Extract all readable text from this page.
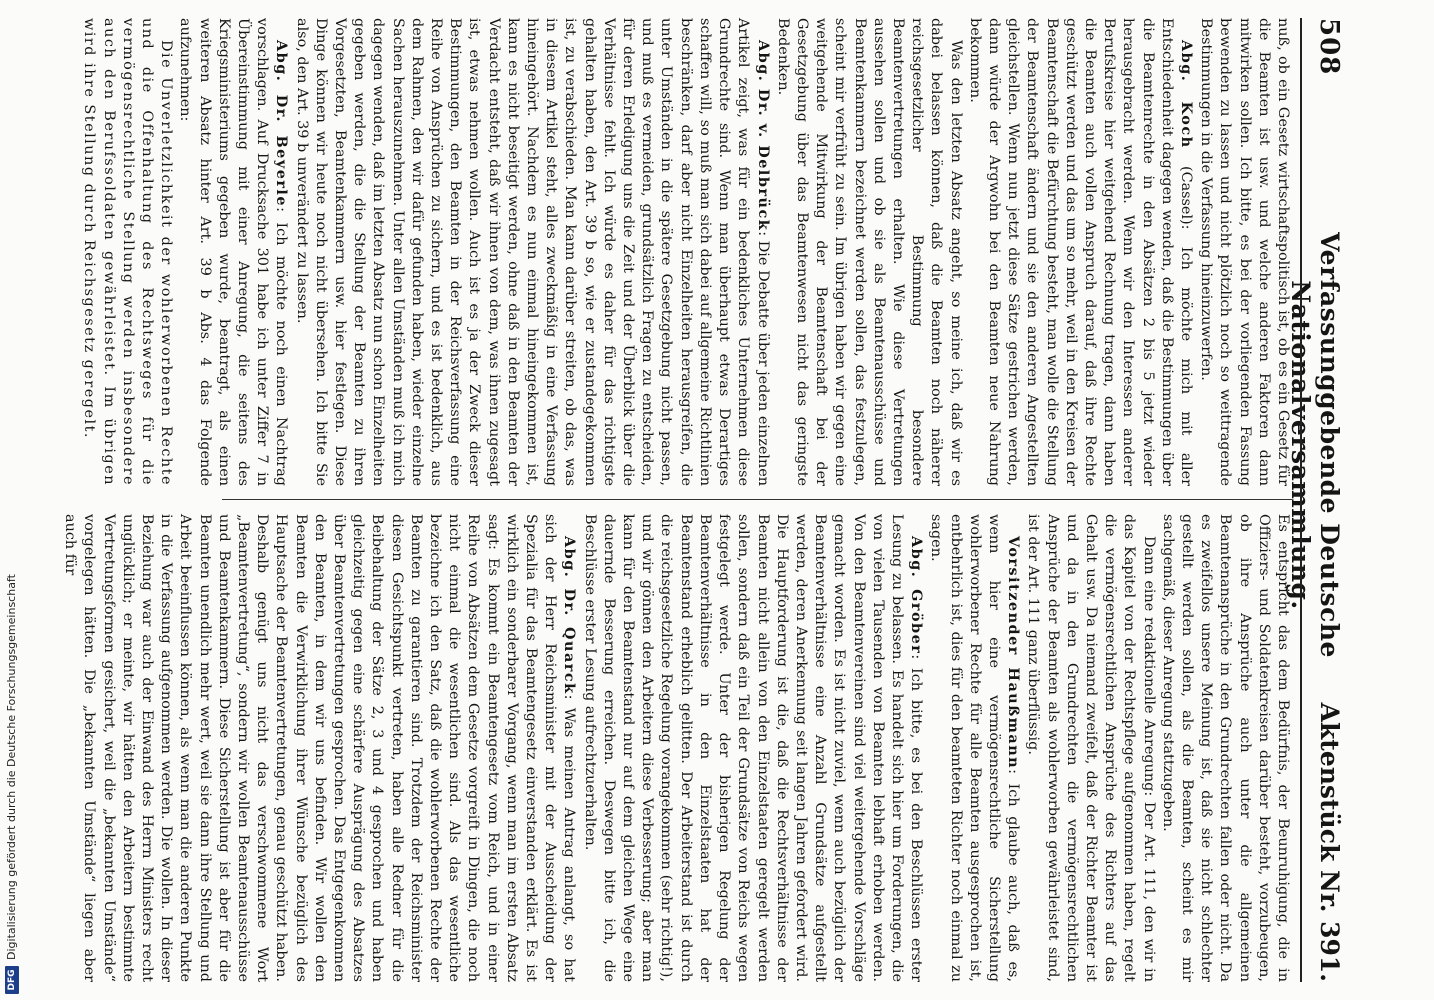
508
Verfassunggebende Deutsche Nationalversammlung.
Aktenstück Nr. 391.

nuß, ob ein Gesetz wirtschaftspolitisch ist, ob es ein Gesetz für die Beamten ist usw. und welche anderen Faktoren dann mitwirken sollen. Ich bitte, es bei der vorliegenden Fassung bewenden zu lassen und nicht plötzlich noch so weittragende Bestimmungen in die Verfassung hineinzuwerfen.

Abg. Koch (Cassel): Ich möchte mich mit aller Entschiedenheit dagegen wenden, daß die Bestimmungen über die Beamtenrechte in den Absätzen 2 bis 5 jetzt wieder herausgebracht werden. Wenn wir den Interessen anderer Berufskreise hier weitgehend Rechnung tragen, dann haben die Beamten auch vollen Anspruch darauf, daß ihre Rechte geschützt werden und das um so mehr, weil in den Kreisen der Beamtenschaft die Befürchtung besteht, man wolle die Stellung der Beamtenschaft ändern und sie den anderen Angestellten gleichstellen. Wenn nun jetzt diese Sätze gestrichen werden, dann würde der Argwohn bei den Beamten neue Nahrung bekommen.

Was den letzten Absatz angeht, so meine ich, daß wir es dabei belassen können, daß die Beamten noch näherer reichsgesetzlicher Bestimmung besondere Beamtenvertretungen erhalten. Wie diese Vertretungen aussehen sollen und ob sie als Beamtenausschüsse und Beamtenkammern bezeichnet werden sollen, das festzulegen, scheint mir verfrüht zu sein. Im übrigen haben wir gegen eine weitgehende Mitwirkung der Beamtenschaft bei der Gesetzgebung über das Beamtenwesen nicht das geringste Bedenken.

Abg. Dr. v. Delbrück: Die Debatte über jeden einzelnen Artikel zeigt, was für ein bedenkliches Unternehmen diese Grundrechte sind. Wenn man überhaupt etwas Derartiges schaffen will, so muß man sich dabei auf allgemeine Richtlinien beschränken, darf aber nicht Einzelheiten herausgreifen, die unter Umständen in die spätere Gesetzgebung nicht passen, und muß es vermeiden, grundsätzlich Fragen zu entscheiden, für deren Erledigung uns die Zeit und der Überblick über die Verhältnisse fehlt. Ich würde es daher für das richtigste gehalten haben, den Art. 39 b so, wie er zustandegekommen ist, zu verabschieden. Man kann darüber streiten, ob das, was in diesem Artikel steht, alles zweckmäßig in eine Verfassung hineingehört. Nachdem es nun einmal hineingekommen ist, kann es nicht beseitigt werden, ohne daß in den Beamten der Verdacht entsteht, daß wir ihnen von dem, was ihnen zugesagt ist, etwas nehmen wollen. Auch ist es ja der Zweck dieser Bestimmungen, den Beamten in der Reichsverfassung eine Reihe von Ansprüchen zu sichern, und es ist bedenklich, aus dem Rahmen, den wir dafür gefunden haben, wieder einzelne Sachen herauszunehmen. Unter allen Umständen muß ich mich dagegen wenden, daß im letzten Absatz nun schon Einzelheiten gegeben werden, die die Stellung der Beamten zu ihren Vorgesetzten, Beamtenkammern usw. hier festlegen. Diese Dinge können wir heute noch nicht übersehen. Ich bitte Sie also, den Art. 39 b unverändert zu lassen.

Abg. Dr. Beyerle: Ich möchte noch einen Nachtrag vorschlagen. Auf Drucksache 301 habe ich unter Ziffer 7 in Übereinstimmung mit einer Anregung, die seitens des Kriegsministeriums gegeben wurde, beantragt, als einen weiteren Absatz hinter Art. 39 b Abs. 4 das Folgende aufzunehmen:

Die Unverletzlichkeit der wohlerworbenen Rechte und die Offenhaltung des Rechtsweges für die vermögensrechtliche Stellung werden insbesondere auch den Berufssoldaten gewährleistet. Im übrigen wird ihre Stellung durch Reichsgesetz geregelt.

Es entspricht das dem Bedürfnis, der Beunruhigung, die in Offiziers- und Soldatenkreisen darüber besteht, vorzubeugen, ob ihre Ansprüche auch unter die allgemeinen Beamtenansprüche in den Grundrechten fallen oder nicht. Da es zweifellos unsere Meinung ist, daß sie nicht schlechter gestellt werden sollen, als die Beamten, scheint es mir sachgemäß, dieser Anregung stattzugeben.

Dann eine redaktionelle Anregung: Der Art. 111, den wir in das Kapitel von der Rechtspflege aufgenommen haben, regelt die vermögensrechtlichen Ansprüche des Richters auf das Gehalt usw. Da niemand zweifelt, daß der Richter Beamter ist und da in den Grundrechten die vermögensrechtlichen Ansprüche der Beamten als wohlerworben gewährleistet sind, ist der Art. 111 ganz überflüssig.

Vorsitzender Haußmann: Ich glaube auch, daß es, wenn hier eine vermögensrechtliche Sicherstellung wohlerworbener Rechte für alle Beamten ausgesprochen ist, entbehrlich ist, dies für den beamteten Richter noch einmal zu sagen.

Abg. Gröber: Ich bitte, es bei den Beschlüssen erster Lesung zu belassen. Es handelt sich hier um Forderungen, die von vielen Tausenden von Beamten lebhaft erhoben werden. Von den Beamtenvereinen sind viel weitergehende Vorschläge gemacht worden. Es ist nicht zuviel, wenn auch bezüglich der Beamtenverhältnisse eine Anzahl Grundsätze aufgestellt werden, deren Anerkennung seit langen Jahren gefordert wird. Die Hauptforderung ist die, daß die Rechtsverhältnisse der Beamten nicht allein von den Einzelstaaten geregelt werden sollen, sondern daß ein Teil der Grundsätze von Reichs wegen festgelegt werde. Unter der bisherigen Regelung der Beamtenverhältnisse in den Einzelstaaten hat der Beamtenstand erheblich gelitten. Der Arbeiterstand ist durch die reichsgesetzliche Regelung vorangekommen (sehr richtig!), und wir gönnen den Arbeitern diese Verbesserung; aber man kann für den Beamtenstand nur auf dem gleichen Wege eine dauernde Besserung erreichen. Deswegen bitte ich, die Beschlüsse erster Lesung aufrechtzuerhalten.

Abg. Dr. Quarck: Was meinen Antrag anlangt, so hat sich der Herr Reichsminister mit der Ausscheidung der Spezialia für das Beamtengesetz einverstanden erklärt. Es ist wirklich ein sonderbarer Vorgang, wenn man im ersten Absatz sagt: Es kommt ein Beamtengesetz vom Reich, und in einer Reihe von Absätzen dem Gesetze vorgreift in Dingen, die noch nicht einmal die wesentlichen sind. Als das wesentliche bezeichne ich den Satz, daß die wohlerworbenen Rechte der Beamten zu garantieren sind. Trotzdem der Reichsminister diesen Gesichtspunkt vertreten, haben alle Redner für die Beibehaltung der Sätze 2, 3 und 4 gesprochen und haben gleichzeitig gegen eine schärfere Ausprägung des Absatzes über Beamtenvertretungen gesprochen. Das Entgegenkommen den Beamten, in dem wir uns befinden. Wir wollen den Beamten die Verwirklichung ihrer Wünsche bezüglich des Hauptsache der Beamtenvertretungen, genau geschützt haben. Deshalb genügt uns nicht das verschwommene Wort „Beamtenvertretung“, sondern wir wollen Beamtenausschüsse und Beamtenkammern. Diese Sicherstellung ist aber für die Beamten unendlich mehr wert, weil sie dann ihre Stellung und Arbeit beeinflussen können, als wenn man die anderen Punkte in die Verfassung aufgenommen werden. Die wollen. In dieser Beziehung war auch der Einwand des Herrn Ministers recht unglücklich; er meinte, wir hätten den Arbeitern bestimmte Vertretungsformen gesichert, weil die „bekannten Umstände“ vorgelegen hätten. Die „bekannten Umstände“ liegen aber auch für

DFGDigitalisierung gefördert durch die Deutsche Forschungsgemeinschaft
